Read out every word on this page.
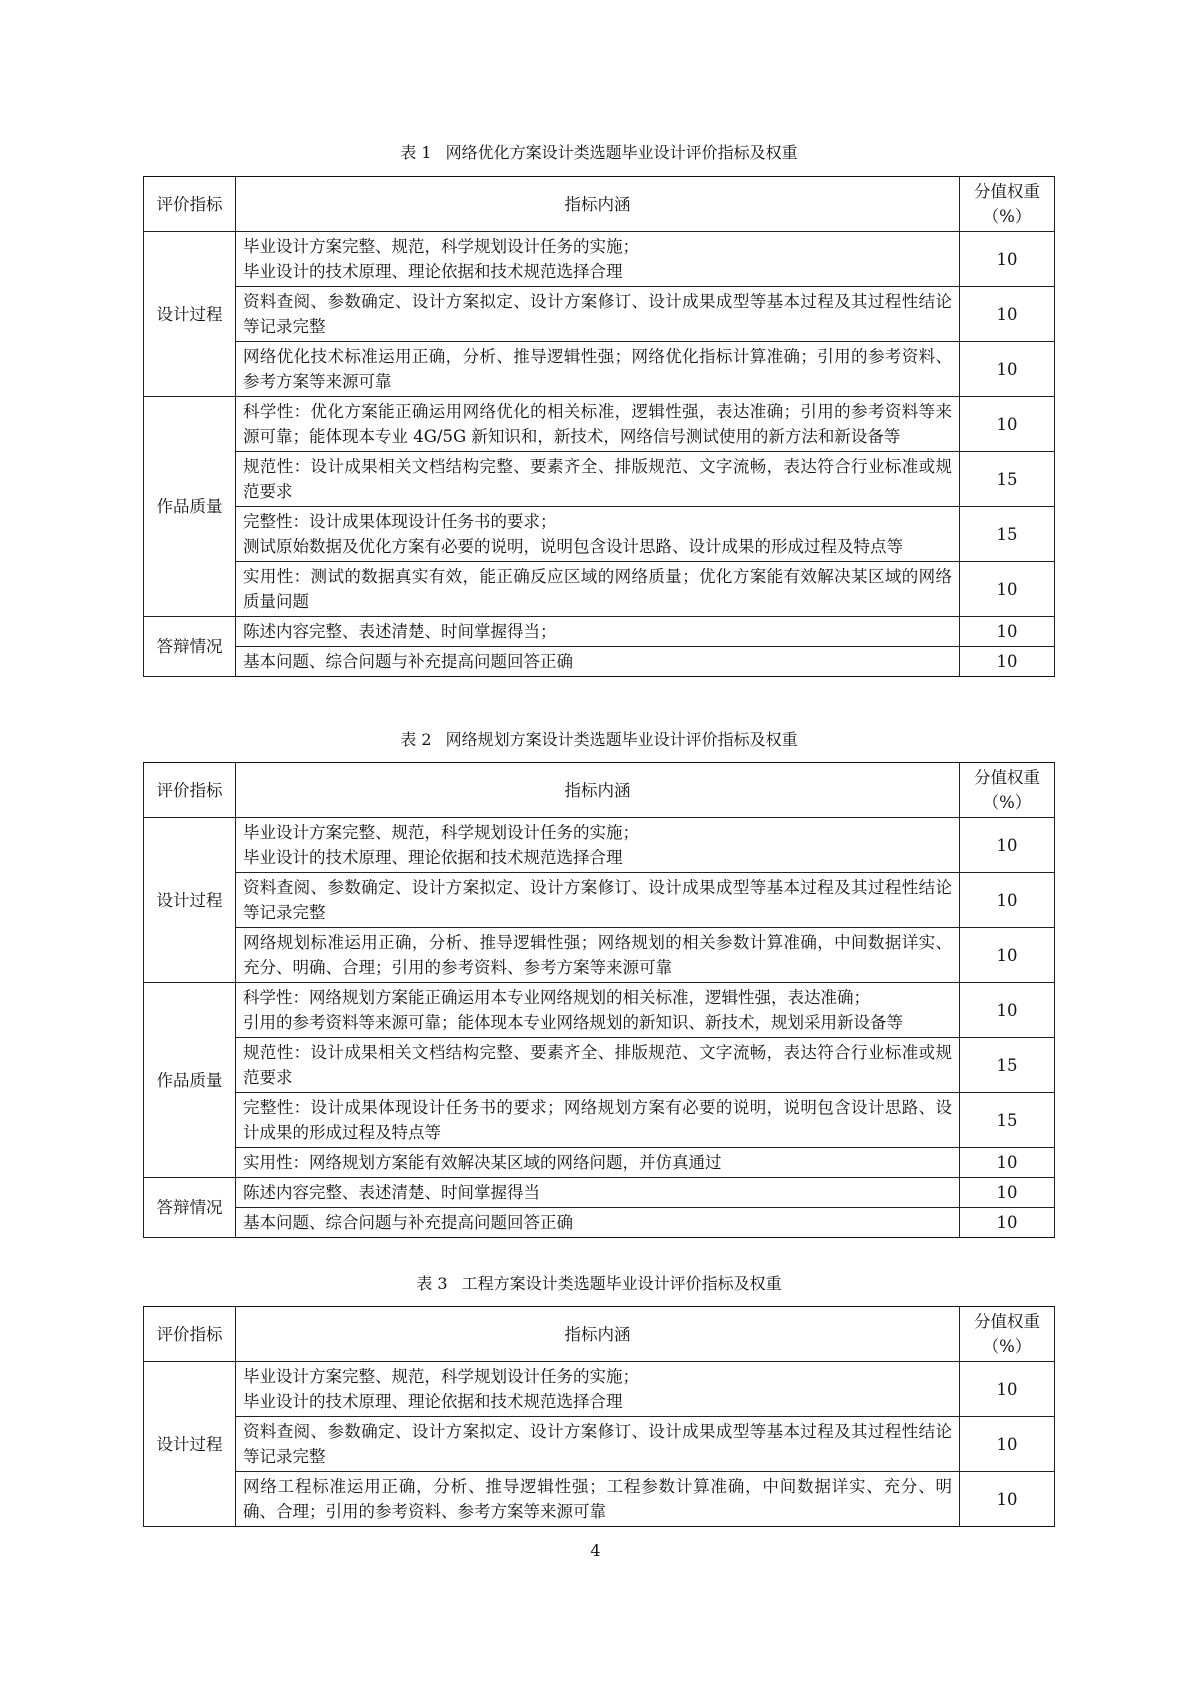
表 1 网络优化方案设计类选题毕业设计评价指标及权重
评价指标	指标内涵	分值权重
（%）
设计过程	毕业设计方案完整、规范，科学规划设计任务的实施；
毕业设计的技术原理、理论依据和技术规范选择合理	10

	资料查阅、参数确定、设计方案拟定、设计方案修订、设计成果成型等基本过程及其过程性结论等记录完整	10

	网络优化技术标准运用正确，分析、推导逻辑性强；网络优化指标计算准确；引用的参考资料、参考方案等来源可靠	10
作品质量	科学性：优化方案能正确运用网络优化的相关标准，逻辑性强，表达准确；引用的参考资料等来源可靠；能体现本专业 4G/5G 新知识和，新技术，网络信号测试使用的新方法和新设备等	10

	规范性：设计成果相关文档结构完整、要素齐全、排版规范、文字流畅，表达符合行业标准或规范要求	15

	完整性：设计成果体现设计任务书的要求；
测试原始数据及优化方案有必要的说明，说明包含设计思路、设计成果的形成过程及特点等	15

	实用性：测试的数据真实有效，能正确反应区域的网络质量；优化方案能有效解决某区域的网络质量问题	10
答辩情况	陈述内容完整、表述清楚、时间掌握得当；	10

	基本问题、综合问题与补充提高问题回答正确	10
表 2 网络规划方案设计类选题毕业设计评价指标及权重
评价指标	指标内涵	分值权重
（%）
设计过程	毕业设计方案完整、规范，科学规划设计任务的实施；
毕业设计的技术原理、理论依据和技术规范选择合理	10

	资料查阅、参数确定、设计方案拟定、设计方案修订、设计成果成型等基本过程及其过程性结论等记录完整	10

	网络规划标准运用正确，分析、推导逻辑性强；网络规划的相关参数计算准确，中间数据详实、充分、明确、合理；引用的参考资料、参考方案等来源可靠	10
作品质量	科学性：网络规划方案能正确运用本专业网络规划的相关标准，逻辑性强，表达准确；
引用的参考资料等来源可靠；能体现本专业网络规划的新知识、新技术，规划采用新设备等	10

	规范性：设计成果相关文档结构完整、要素齐全、排版规范、文字流畅，表达符合行业标准或规范要求	15

	完整性：设计成果体现设计任务书的要求；网络规划方案有必要的说明，说明包含设计思路、设计成果的形成过程及特点等	15

	实用性：网络规划方案能有效解决某区域的网络问题，并仿真通过	10
答辩情况	陈述内容完整、表述清楚、时间掌握得当	10

	基本问题、综合问题与补充提高问题回答正确	10
表 3 工程方案设计类选题毕业设计评价指标及权重
评价指标	指标内涵	分值权重
（%）
设计过程	毕业设计方案完整、规范，科学规划设计任务的实施；
毕业设计的技术原理、理论依据和技术规范选择合理	10

	资料查阅、参数确定、设计方案拟定、设计方案修订、设计成果成型等基本过程及其过程性结论等记录完整	10

	网络工程标准运用正确，分析、推导逻辑性强；工程参数计算准确，中间数据详实、充分、明确、合理；引用的参考资料、参考方案等来源可靠	10
4
